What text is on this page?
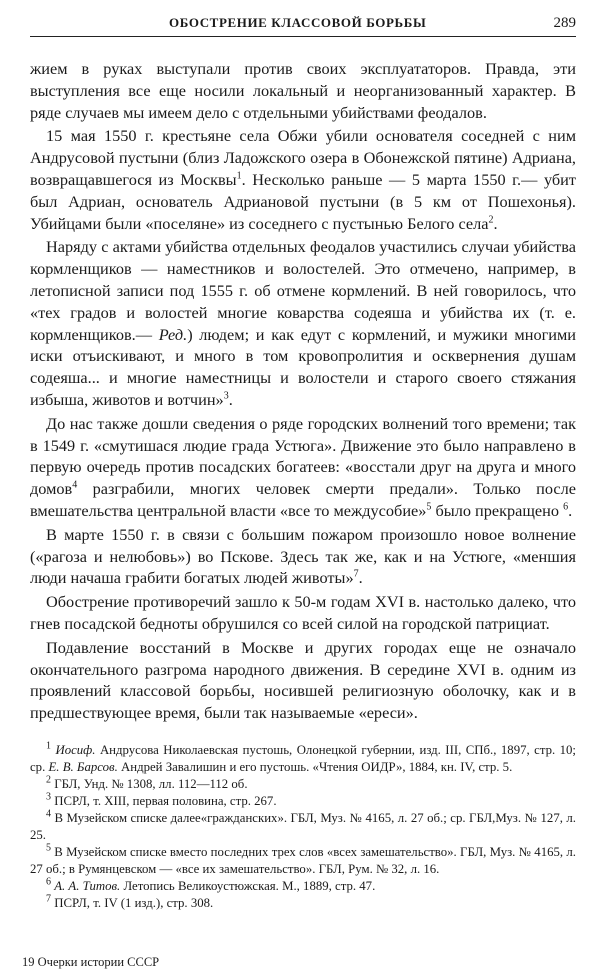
ОБОСТРЕНИЕ КЛАССОВОЙ БОРЬБЫ	289

жием в руках выступали против своих эксплуататоров. Правда, эти выступления все еще носили локальный и неорганизованный характер. В ряде случаев мы имеем дело с отдельными убийствами феодалов.

15 мая 1550 г. крестьяне села Обжи убили основателя соседней с ним Андрусовой пустыни (близ Ладожского озера в Обонежской пятине) Адриана, возвращавшегося из Москвы$^1$. Несколько раньше — 5 марта 1550 г.— убит был Адриан, основатель Адриановой пустыни (в 5 км от Пошехонья). Убийцами были «поселяне» из соседнего с пустынью Белого села$^2$.

Наряду с актами убийства отдельных феодалов участились случаи убийства кормленщиков — наместников и волостелей. Это отмечено, например, в летописной записи под 1555 г. об отмене кормлений. В ней говорилось, что «тех градов и волостей многие коварства содеяша и убийства их (т. е. кормленщиков.— Ред.) людем; и как едут с кормлений, и мужики многими иски отъискивают, и много в том кровопролития и осквернения душам содеяша... и многие наместницы и волостели и старого своего стяжания избыша, животов и вотчин»$^3$.

До нас также дошли сведения о ряде городских волнений того времени; так в 1549 г. «смутишася людие града Устюга». Движение это было направлено в первую очередь против посадских богатеев: «восстали друг на друга и много домов$^4$ разграбили, многих человек смерти предали». Только после вмешательства центральной власти «все то междусобие»$^5$ было прекращено $^6$.

В марте 1550 г. в связи с большим пожаром произошло новое волнение («рагоза и нелюбовь») во Пскове. Здесь так же, как и на Устюге, «меншия люди начаша грабити богатых людей животы»$^7$.

Обострение противоречий зашло к 50-м годам XVI в. настолько далеко, что гнев посадской бедноты обрушился со всей силой на городской патрициат.

Подавление восстаний в Москве и других городах еще не означало окончательного разгрома народного движения. В середине XVI в. одним из проявлений классовой борьбы, носившей религиозную оболочку, как и в предшествующее время, были так называемые «ереси».

$^1$ Иосиф. Андрусова Николаевская пустошь, Олонецкой губернии, изд. III, СПб., 1897, стр. 10; ср. Е. В. Барсов. Андрей Завалишин и его пустошь. «Чтения ОИДР», 1884, кн. IV, стр. 5.

$^2$ ГБЛ, Унд. № 1308, лл. 112—112 об.

$^3$ ПСРЛ, т. XIII, первая половина, стр. 267.

$^4$ В Музейском списке далее«гражданских». ГБЛ, Муз. № 4165, л. 27 об.; ср. ГБЛ,Муз. № 127, л. 25.

$^5$ В Музейском списке вместо последних трех слов «всех замешательство». ГБЛ, Муз. № 4165, л. 27 об.; в Румянцевском — «все их замешательство». ГБЛ, Рум. № 32, л. 16.

$^6$ А. А. Титов. Летопись Великоустюжская. М., 1889, стр. 47.

$^7$ ПСРЛ, т. IV (1 изд.), стр. 308.

19 Очерки истории СССР
